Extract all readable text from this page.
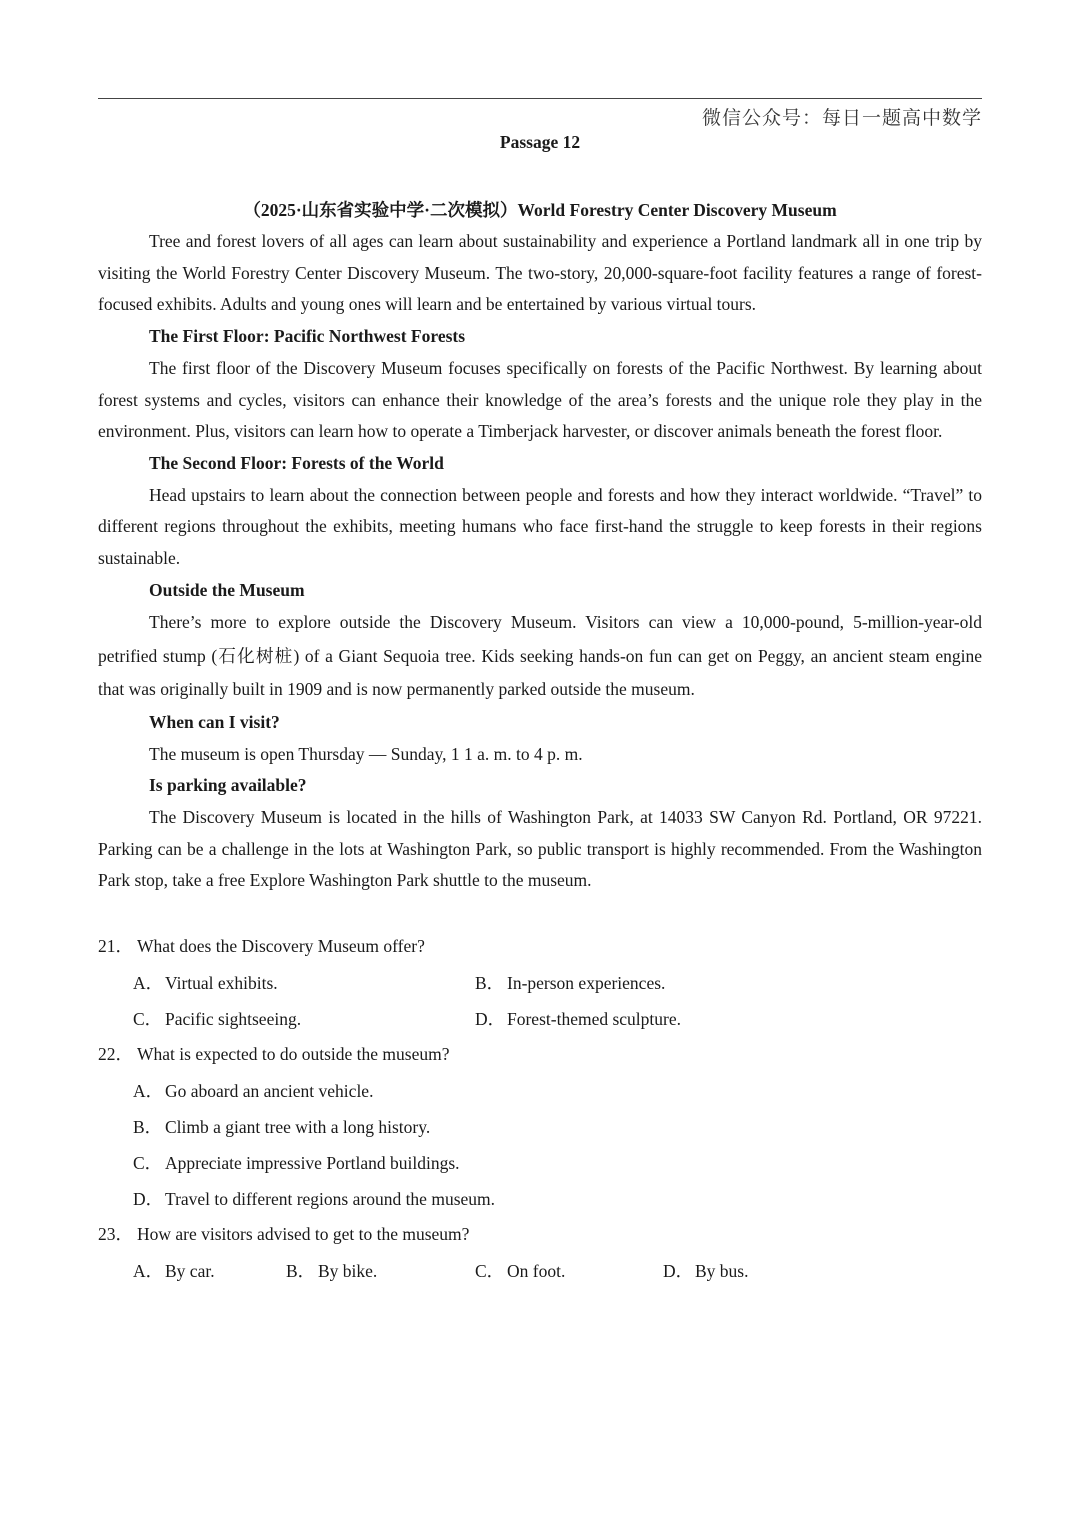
微信公众号：每日一题高中数学
Passage 12
（2025·山东省实验中学·二次模拟）World Forestry Center Discovery Museum

Tree and forest lovers of all ages can learn about sustainability and experience a Portland landmark all in one trip by visiting the World Forestry Center Discovery Museum. The two-story, 20,000-square-foot facility features a range of forest-focused exhibits. Adults and young ones will learn and be entertained by various virtual tours.

The First Floor: Pacific Northwest Forests

The first floor of the Discovery Museum focuses specifically on forests of the Pacific Northwest. By learning about forest systems and cycles, visitors can enhance their knowledge of the area’s forests and the unique role they play in the environment. Plus, visitors can learn how to operate a Timberjack harvester, or discover animals beneath the forest floor.

The Second Floor: Forests of the World

Head upstairs to learn about the connection between people and forests and how they interact worldwide. “Travel” to different regions throughout the exhibits, meeting humans who face first-hand the struggle to keep forests in their regions sustainable.

Outside the Museum

There’s more to explore outside the Discovery Museum. Visitors can view a 10,000-pound, 5-million-year-old petrified stump (石化树桩) of a Giant Sequoia tree. Kids seeking hands-on fun can get on Peggy, an ancient steam engine that was originally built in 1909 and is now permanently parked outside the museum.

When can I visit?

The museum is open Thursday — Sunday, 1 1 a. m. to 4 p. m.

Is parking available?

The Discovery Museum is located in the hills of Washington Park, at 14033 SW Canyon Rd. Portland, OR 97221. Parking can be a challenge in the lots at Washington Park, so public transport is highly recommended. From the Washington Park stop, take a free Explore Washington Park shuttle to the museum.

21． What does the Discovery Museum offer?
A． Virtual exhibits.	B． In-person experiences.
C． Pacific sightseeing.	D． Forest-themed sculpture.
22． What is expected to do outside the museum?
A． Go aboard an ancient vehicle.
B． Climb a giant tree with a long history.
C． Appreciate impressive Portland buildings.
D． Travel to different regions around the museum.
23． How are visitors advised to get to the museum?
A． By car.	B． By bike.	C． On foot.	D． By bus.
